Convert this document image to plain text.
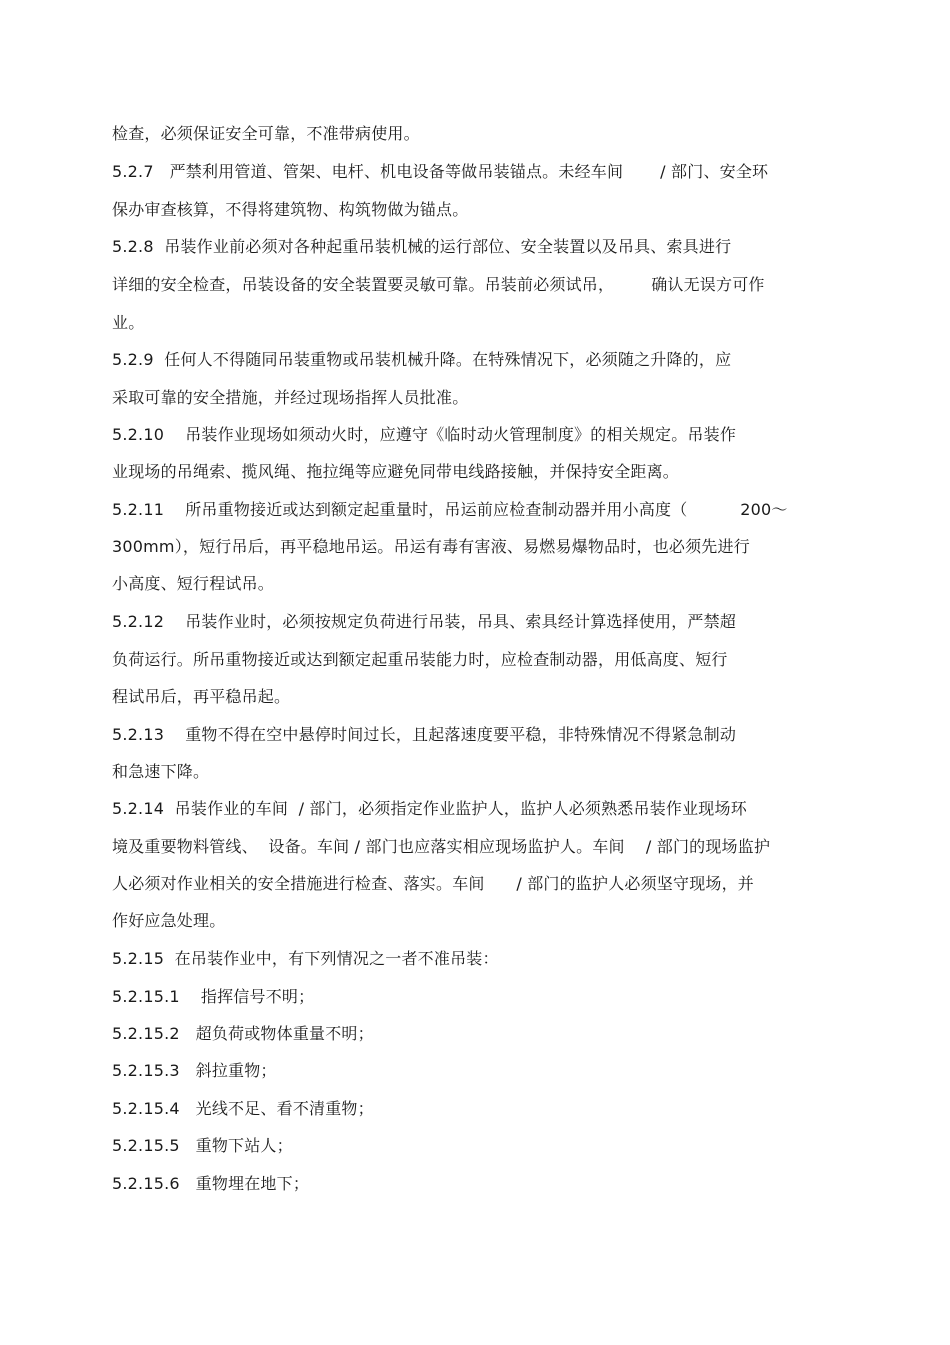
检查，必须保证安全可靠，不准带病使用。
5.2.7   严禁利用管道、管架、电杆、机电设备等做吊装锚点。未经车间       / 部门、安全环
保办审查核算，不得将建筑物、构筑物做为锚点。
5.2.8  吊装作业前必须对各种起重吊装机械的运行部位、安全装置以及吊具、索具进行
详细的安全检查，吊装设备的安全装置要灵敏可靠。吊装前必须试吊，       确认无误方可作
业。
5.2.9  任何人不得随同吊装重物或吊装机械升降。在特殊情况下，必须随之升降的，应
采取可靠的安全措施，并经过现场指挥人员批准。
5.2.10    吊装作业现场如须动火时，应遵守《临时动火管理制度》的相关规定。吊装作
业现场的吊绳索、揽风绳、拖拉绳等应避免同带电线路接触，并保持安全距离。
5.2.11    所吊重物接近或达到额定起重量时，吊运前应检查制动器并用小高度（          200～
300mm），短行吊后，再平稳地吊运。吊运有毒有害液、易燃易爆物品时，也必须先进行
小高度、短行程试吊。
5.2.12    吊装作业时，必须按规定负荷进行吊装，吊具、索具经计算选择使用，严禁超
负荷运行。所吊重物接近或达到额定起重吊装能力时，应检查制动器，用低高度、短行
程试吊后，再平稳吊起。
5.2.13    重物不得在空中悬停时间过长，且起落速度要平稳，非特殊情况不得紧急制动
和急速下降。
5.2.14  吊装作业的车间  / 部门，必须指定作业监护人，监护人必须熟悉吊装作业现场环
境及重要物料管线、  设备。车间 / 部门也应落实相应现场监护人。车间    / 部门的现场监护
人必须对作业相关的安全措施进行检查、落实。车间      / 部门的监护人必须坚守现场，并
作好应急处理。
5.2.15  在吊装作业中，有下列情况之一者不准吊装：
5.2.15.1    指挥信号不明；
5.2.15.2   超负荷或物体重量不明；
5.2.15.3   斜拉重物；
5.2.15.4   光线不足、看不清重物；
5.2.15.5   重物下站人；
5.2.15.6   重物埋在地下；
